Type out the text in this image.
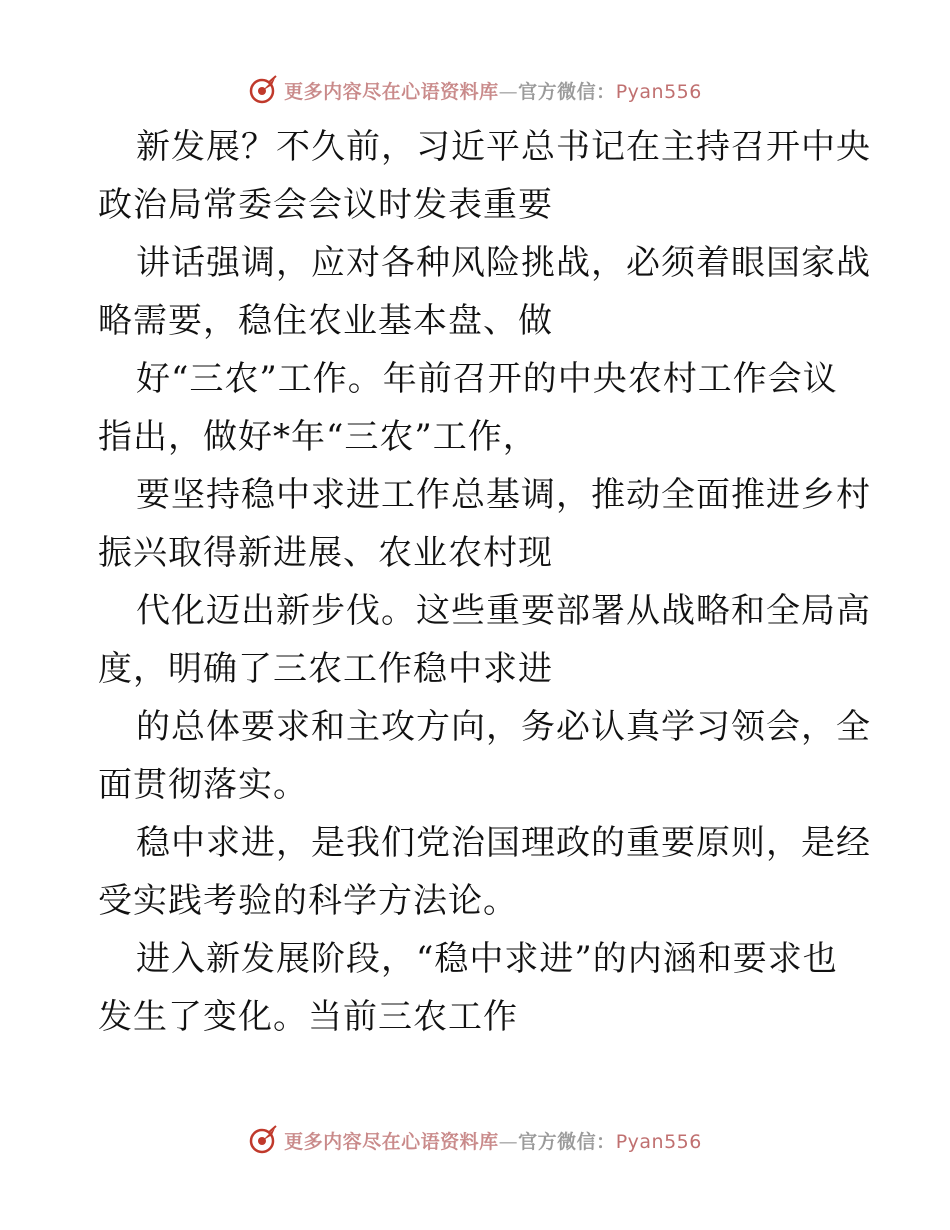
更多内容尽在心语资料库—官方微信：Pyan556
新发展？不久前，习近平总书记在主持召开中央
政治局常委会会议时发表重要
讲话强调，应对各种风险挑战，必须着眼国家战
略需要，稳住农业基本盘、做
好“三农”工作。年前召开的中央农村工作会议
指出，做好*年“三农”工作，
要坚持稳中求进工作总基调，推动全面推进乡村
振兴取得新进展、农业农村现
代化迈出新步伐。这些重要部署从战略和全局高
度，明确了三农工作稳中求进
的总体要求和主攻方向，务必认真学习领会，全
面贯彻落实。
稳中求进，是我们党治国理政的重要原则，是经
受实践考验的科学方法论。
进入新发展阶段，“稳中求进”的内涵和要求也
发生了变化。当前三农工作
更多内容尽在心语资料库—官方微信：Pyan556
